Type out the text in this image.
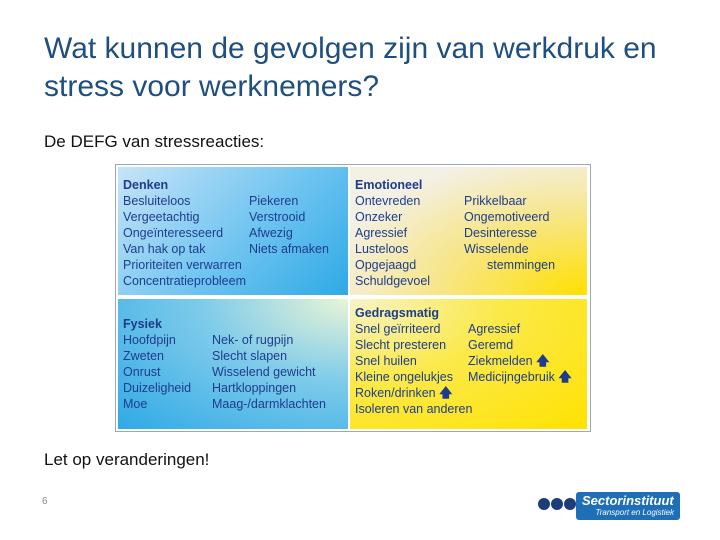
Wat kunnen de gevolgen zijn van werkdruk en stress voor werknemers?
De DEFG van stressreacties:
Denken
Besluiteloos
Vergeetachtig
Ongeïnteresseerd
Van hak op tak
Prioriteiten verwarren
Concentratieprobleem
Piekeren
Verstrooid
Afwezig
Niets afmaken
Emotioneel
Ontevreden
Onzeker
Agressief
Lusteloos
Opgejaagd
Schuldgevoel
Prikkelbaar
Ongemotiveerd
Desinteresse
Wisselende
stemmingen
Fysiek
Hoofdpijn
Zweten
Onrust
Duizeligheid
Moe
Nek- of rugpijn
Slecht slapen
Wisselend gewicht
Hartkloppingen
Maag-/darmklachten
Gedragsmatig
Snel geïrriteerd
Slecht presteren
Snel huilen
Kleine ongelukjes
Roken/drinken 🡅
Isoleren van anderen
Agressief
Geremd
Ziekmelden 🡅
Medicijngebruik 🡅
Let op veranderingen!
6	Sectorinstituut
Transport en Logistiek
